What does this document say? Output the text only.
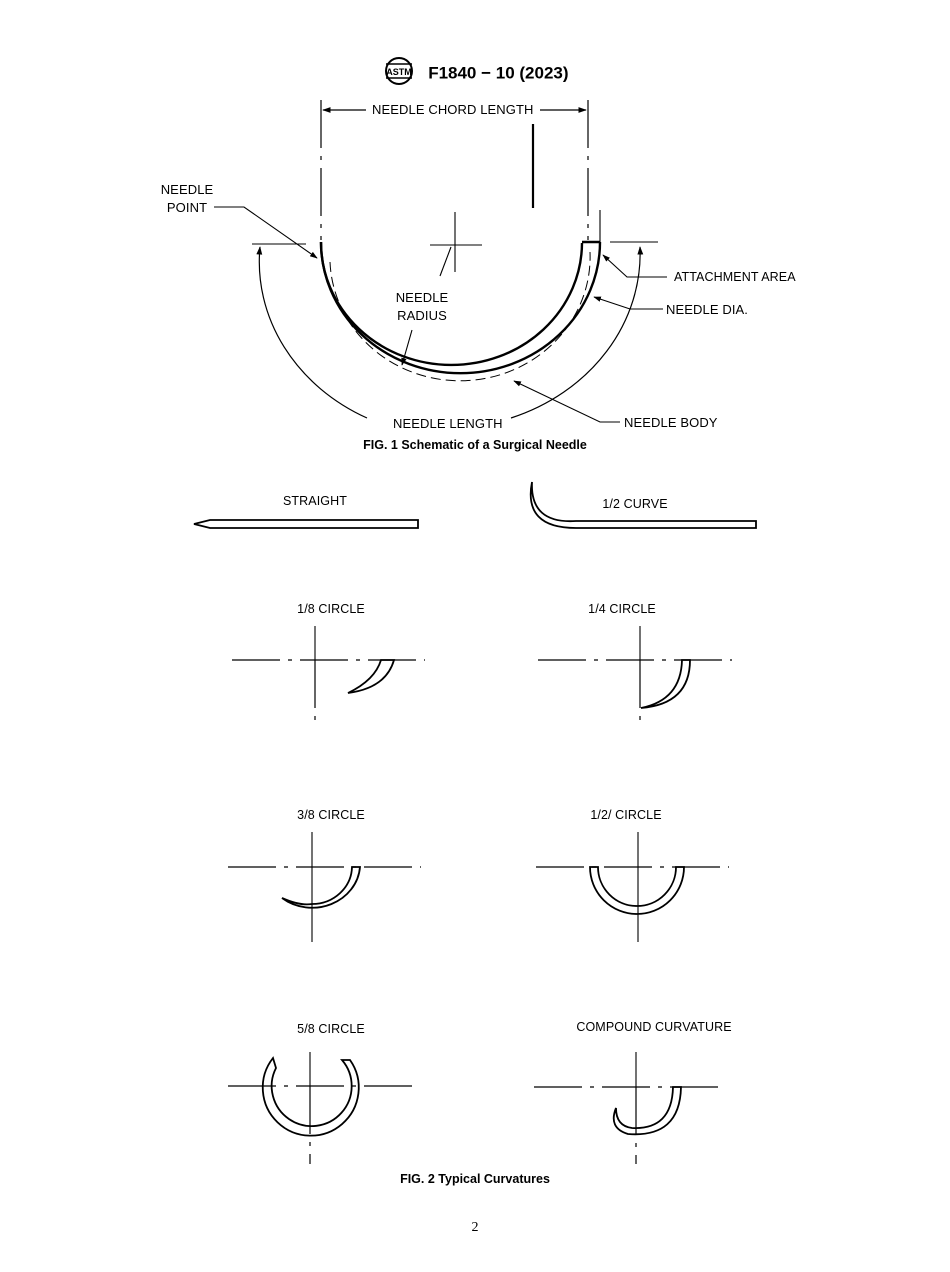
ASTM F1840 − 10 (2023)
NEEDLE CHORD LENGTH
NEEDLE
POINT
ATTACHMENT AREA
NEEDLE
RADIUS	NEEDLE DIA.
NEEDLE LENGTH	NEEDLE BODY
FIG. 1 Schematic of a Surgical Needle
STRAIGHT	1/2 CURVE
1/8 CIRCLE	1/4 CIRCLE
3/8 CIRCLE	1/2/ CIRCLE
5/8 CIRCLE	COMPOUND CURVATURE
FIG. 2 Typical Curvatures
2
